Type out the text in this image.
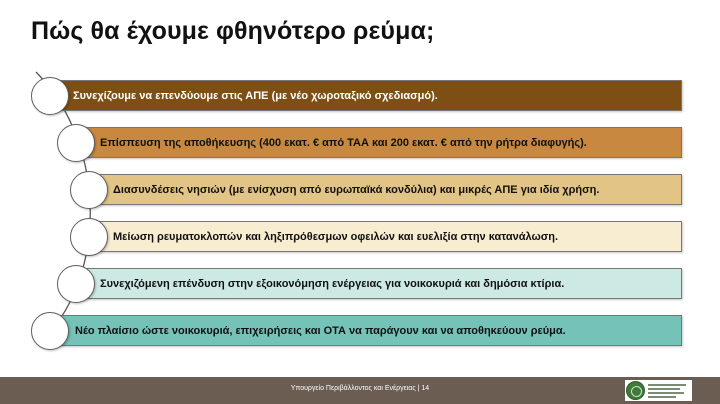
Πώς θα έχουμε φθηνότερο ρεύμα;
Συνεχίζουμε να επενδύουμε στις ΑΠΕ (με νέο χωροταξικό σχεδιασμό).
Επίσπευση της αποθήκευσης (400 εκατ. € από ΤΑΑ και 200 εκατ. € από την ρήτρα διαφυγής).
Διασυνδέσεις νησιών (με ενίσχυση από ευρωπαϊκά κονδύλια) και μικρές ΑΠΕ για ιδία χρήση.
Μείωση ρευματοκλοπών και ληξιπρόθεσμων οφειλών και ευελιξία στην κατανάλωση.
Συνεχιζόμενη επένδυση στην εξοικονόμηση ενέργειας για νοικοκυριά και δημόσια κτίρια.
Νέο πλαίσιο ώστε νοικοκυριά, επιχειρήσεις και ΟΤΑ να παράγουν και να αποθηκεύουν ρεύμα.
Υπουργείο Περιβάλλοντος και Ενέργειας | 14
